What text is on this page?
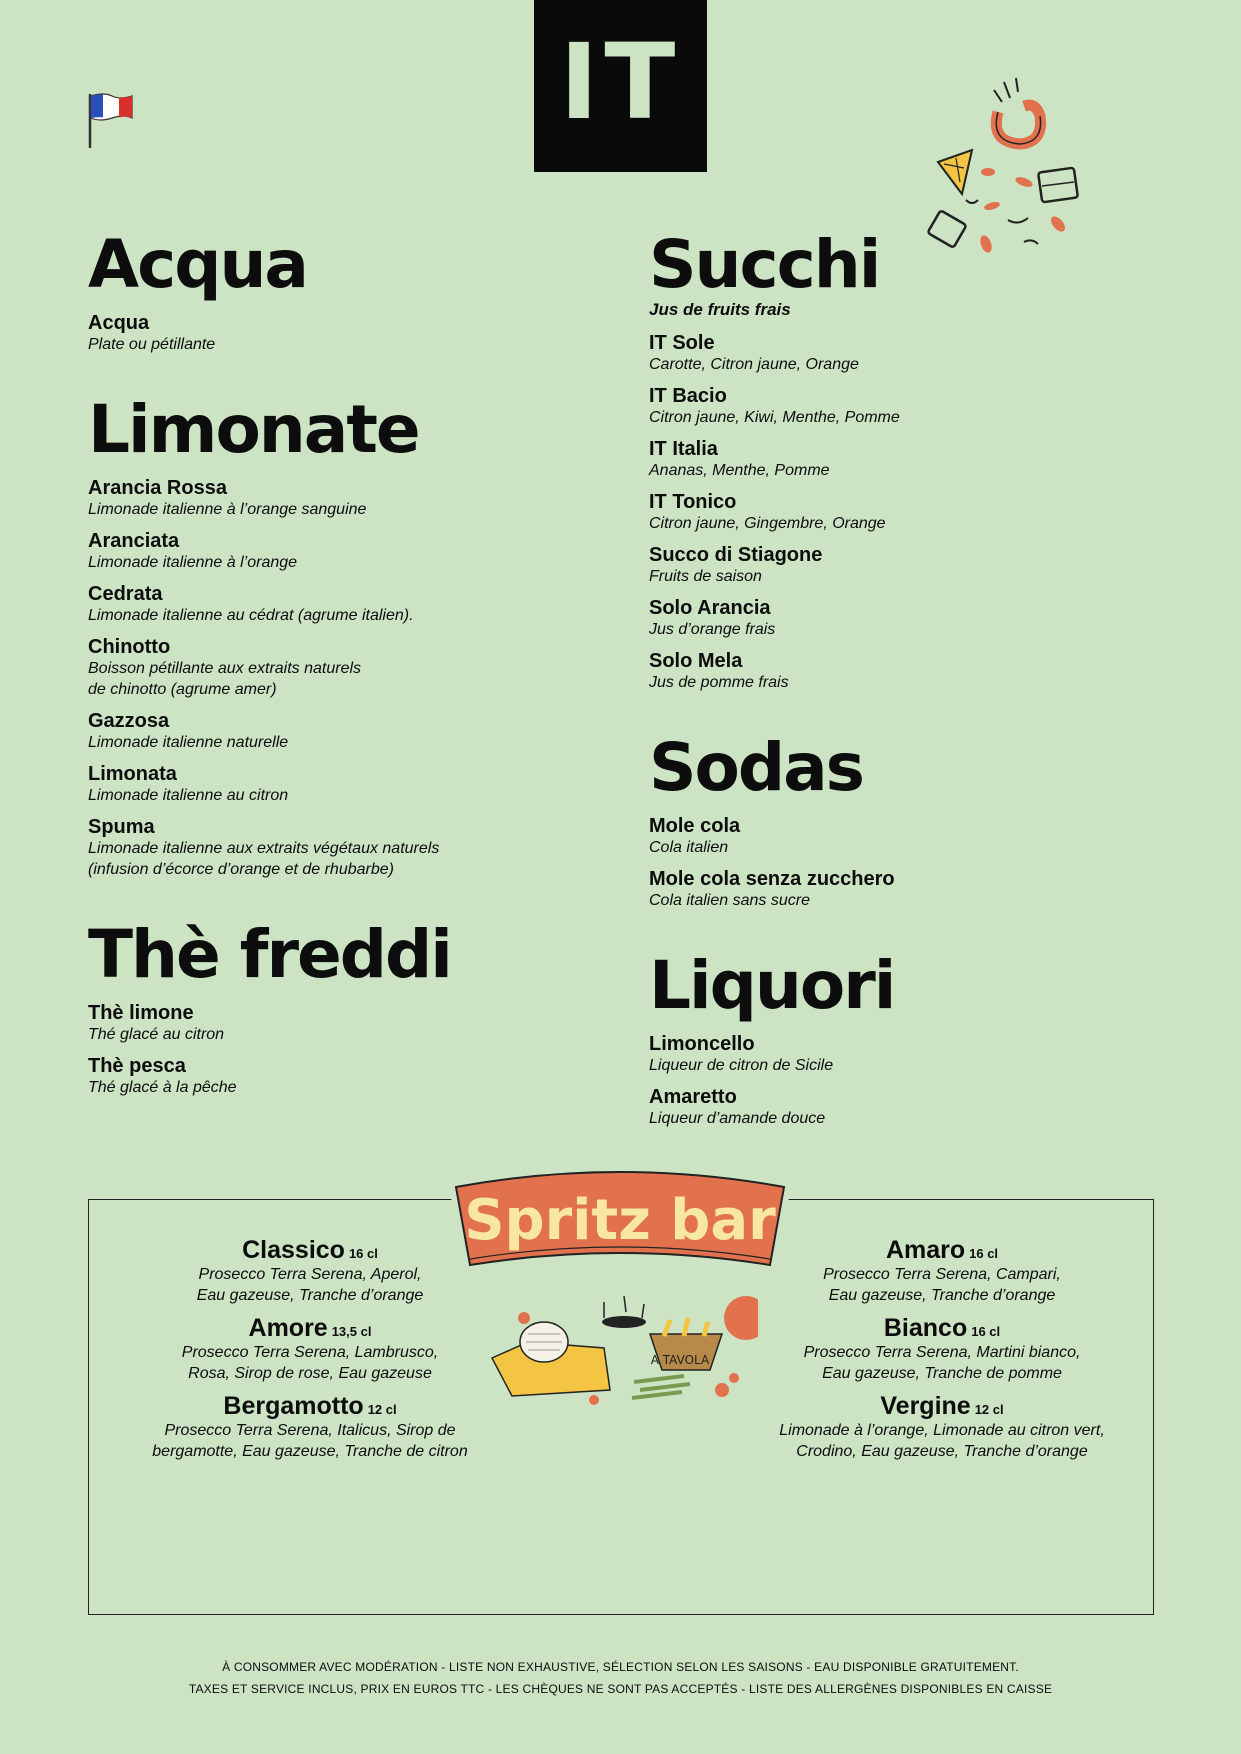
IT
Acqua
Acqua
Plate ou pétillante
Limonate
Arancia Rossa
Limonade italienne à l’orange sanguine
Aranciata
Limonade italienne à l’orange
Cedrata
Limonade italienne au cédrat (agrume italien).
Chinotto
Boisson pétillante aux extraits naturels
de chinotto (agrume amer)
Gazzosa
Limonade italienne naturelle
Limonata
Limonade italienne au citron
Spuma
Limonade italienne aux extraits végétaux naturels
(infusion d’écorce d’orange et de rhubarbe)
Thè freddi
Thè limone
Thé glacé au citron
Thè pesca
Thé glacé à la pêche
Succhi
Jus de fruits frais
IT Sole
Carotte, Citron jaune, Orange
IT Bacio
Citron jaune, Kiwi, Menthe, Pomme
IT Italia
Ananas, Menthe, Pomme
IT Tonico
Citron jaune, Gingembre, Orange
Succo di Stiagone
Fruits de saison
Solo Arancia
Jus d’orange frais
Solo Mela
Jus de pomme frais
Sodas
Mole cola
Cola italien
Mole cola senza zucchero
Cola italien sans sucre
Liquori
Limoncello
Liqueur de citron de Sicile
Amaretto
Liqueur d’amande douce
Spritz bar
A TAVOLA
Classico 16 cl
Prosecco Terra Serena, Aperol,
Eau gazeuse, Tranche d’orange
Amore 13,5 cl
Prosecco Terra Serena, Lambrusco,
Rosa, Sirop de rose, Eau gazeuse
Bergamotto 12 cl
Prosecco Terra Serena, Italicus, Sirop de
bergamotte, Eau gazeuse, Tranche de citron
Amaro 16 cl
Prosecco Terra Serena, Campari,
Eau gazeuse, Tranche d’orange
Bianco 16 cl
Prosecco Terra Serena, Martini bianco,
Eau gazeuse, Tranche de pomme
Vergine 12 cl
Limonade à l’orange, Limonade au citron vert,
Crodino, Eau gazeuse, Tranche d’orange
À CONSOMMER AVEC MODÉRATION - LISTE NON EXHAUSTIVE, SÉLECTION SELON LES SAISONS - EAU DISPONIBLE GRATUITEMENT.
TAXES ET SERVICE INCLUS, PRIX EN EUROS TTC - LES CHÈQUES NE SONT PAS ACCEPTÉS - LISTE DES ALLERGÈNES DISPONIBLES EN CAISSE
